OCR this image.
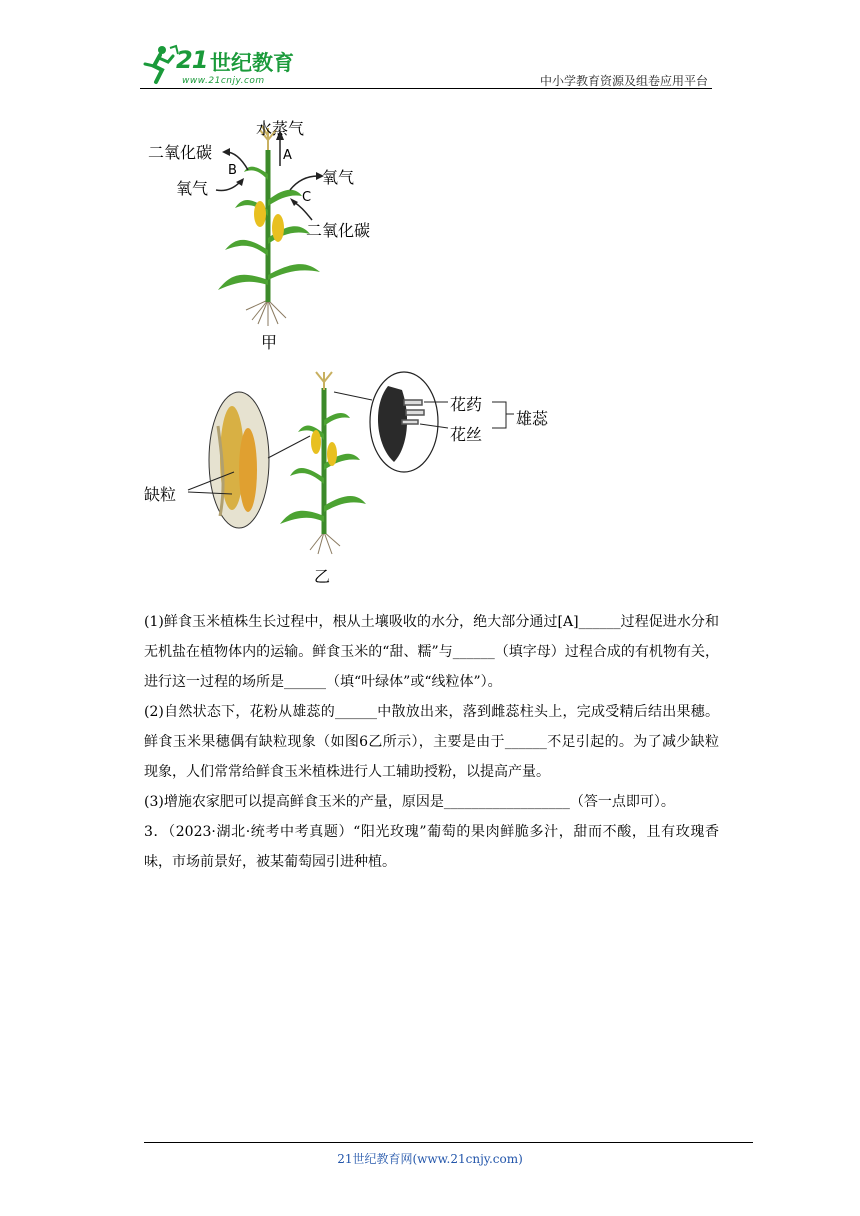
21 世纪教育
www.21cnjy.com	中小学教育资源及组卷应用平台
水蒸气
A
B
C
二氧化碳
氧气
氧气
二氧化碳
甲
花药
花丝
雄蕊
缺粒
乙

(1)鲜食玉米植株生长过程中，根从土壤吸收的水分，绝大部分通过[A]______过程促进水分和无机盐在植物体内的运输。鲜食玉米的“甜、糯”与______（填字母）过程合成的有机物有关，进行这一过程的场所是______（填“叶绿体”或“线粒体”）。

(2)自然状态下，花粉从雄蕊的______中散放出来，落到雌蕊柱头上，完成受精后结出果穗。鲜食玉米果穗偶有缺粒现象（如图6乙所示），主要是由于______不足引起的。为了减少缺粒现象，人们常常给鲜食玉米植株进行人工辅助授粉，以提高产量。

(3)增施农家肥可以提高鲜食玉米的产量，原因是__________________（答一点即可）。

3．（2023·湖北·统考中考真题）“阳光玫瑰”葡萄的果肉鲜脆多汁，甜而不酸，且有玫瑰香味，市场前景好，被某葡萄园引进种植。

21世纪教育网(www.21cnjy.com)
